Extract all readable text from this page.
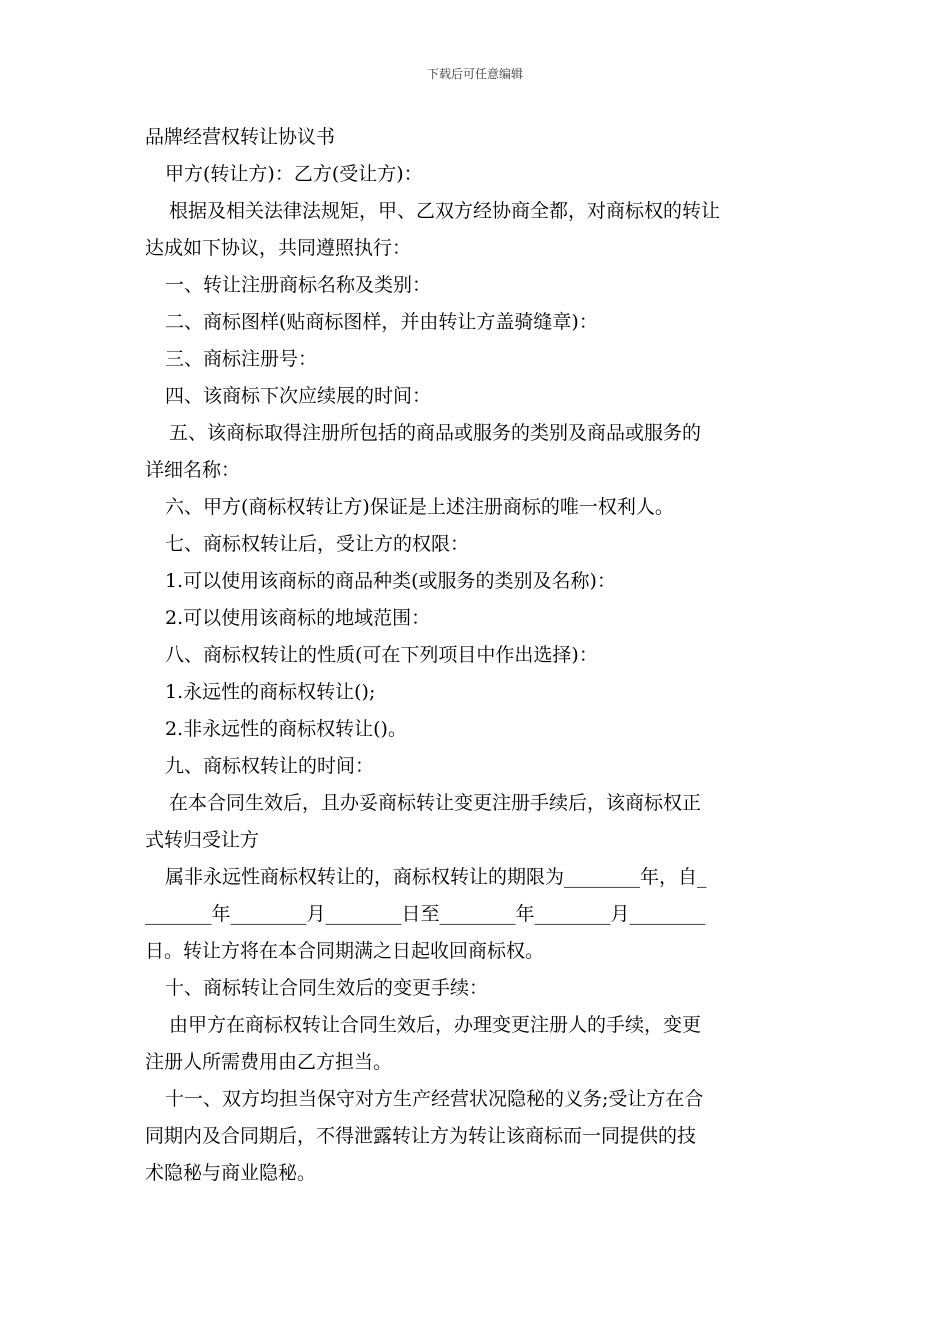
下载后可任意编辑
品牌经营权转让协议书
甲方(转让方)：乙方(受让方)：
根据及相关法律法规矩，甲、乙双方经协商全都，对商标权的转让
达成如下协议，共同遵照执行：
一、转让注册商标名称及类别：
二、商标图样(贴商标图样，并由转让方盖骑缝章)：
三、商标注册号：
四、该商标下次应续展的时间：
五、该商标取得注册所包括的商品或服务的类别及商品或服务的
详细名称：
六、甲方(商标权转让方)保证是上述注册商标的唯一权利人。
七、商标权转让后，受让方的权限：
1.可以使用该商标的商品种类(或服务的类别及名称)：
2.可以使用该商标的地域范围：
八、商标权转让的性质(可在下列项目中作出选择)：
1.永远性的商标权转让();
2.非永远性的商标权转让()。
九、商标权转让的时间：
在本合同生效后，且办妥商标转让变更注册手续后，该商标权正
式转归受让方
属非永远性商标权转让的，商标权转让的期限为________年，自_
_______年________月________日至________年________月________
日。转让方将在本合同期满之日起收回商标权。
十、商标转让合同生效后的变更手续：
由甲方在商标权转让合同生效后，办理变更注册人的手续，变更
注册人所需费用由乙方担当。
十一、双方均担当保守对方生产经营状况隐秘的义务;受让方在合
同期内及合同期后，不得泄露转让方为转让该商标而一同提供的技
术隐秘与商业隐秘。
